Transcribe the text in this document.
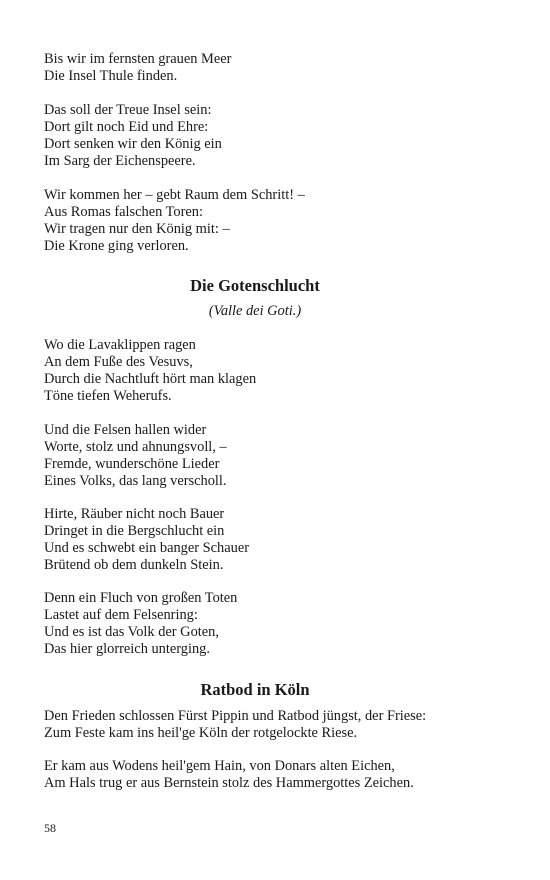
Bis wir im fernsten grauen Meer
Die Insel Thule finden.
Das soll der Treue Insel sein:
Dort gilt noch Eid und Ehre:
Dort senken wir den König ein
Im Sarg der Eichenspeere.
Wir kommen her – gebt Raum dem Schritt! –
Aus Romas falschen Toren:
Wir tragen nur den König mit: –
Die Krone ging verloren.
Die Gotenschlucht
(Valle dei Goti.)
Wo die Lavaklippen ragen
An dem Fuße des Vesuvs,
Durch die Nachtluft hört man klagen
Töne tiefen Weherufs.
Und die Felsen hallen wider
Worte, stolz und ahnungsvoll, –
Fremde, wunderschöne Lieder
Eines Volks, das lang verscholl.
Hirte, Räuber nicht noch Bauer
Dringet in die Bergschlucht ein
Und es schwebt ein banger Schauer
Brütend ob dem dunkeln Stein.
Denn ein Fluch von großen Toten
Lastet auf dem Felsenring:
Und es ist das Volk der Goten,
Das hier glorreich unterging.
Ratbod in Köln
Den Frieden schlossen Fürst Pippin und Ratbod jüngst, der Friese:
Zum Feste kam ins heil'ge Köln der rotgelockte Riese.
Er kam aus Wodens heil'gem Hain, von Donars alten Eichen,
Am Hals trug er aus Bernstein stolz des Hammergottes Zeichen.
58
